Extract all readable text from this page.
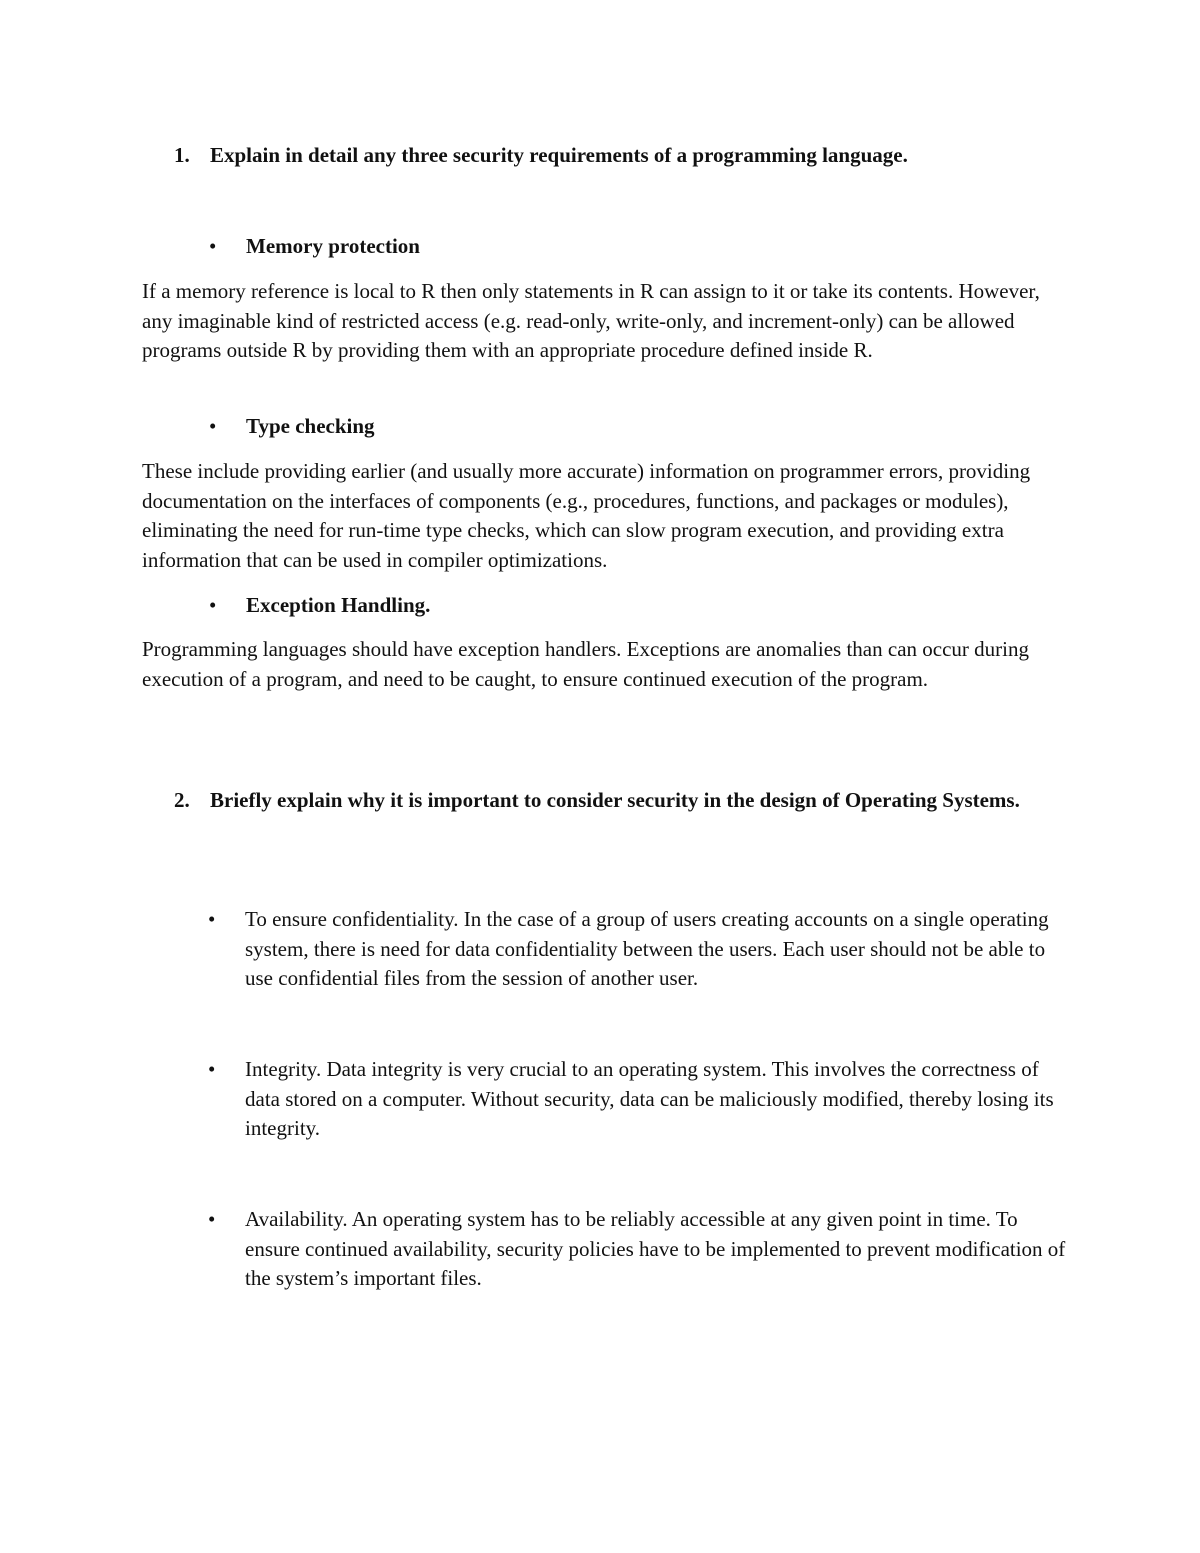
1. Explain in detail any three security requirements of a programming language.
• Memory protection
If a memory reference is local to R then only statements in R can assign to it or take its contents. However, any imaginable kind of restricted access (e.g. read-only, write-only, and increment-only) can be allowed programs outside R by providing them with an appropriate procedure defined inside R.
• Type checking
These include providing earlier (and usually more accurate) information on programmer errors, providing documentation on the interfaces of components (e.g., procedures, functions, and packages or modules), eliminating the need for run-time type checks, which can slow program execution, and providing extra information that can be used in compiler optimizations.
• Exception Handling.
Programming languages should have exception handlers. Exceptions are anomalies than can occur during execution of a program, and need to be caught, to ensure continued execution of the program.
2. Briefly explain why it is important to consider security in the design of Operating Systems.
• To ensure confidentiality. In the case of a group of users creating accounts on a single operating system, there is need for data confidentiality between the users. Each user should not be able to use confidential files from the session of another user.
• Integrity. Data integrity is very crucial to an operating system. This involves the correctness of data stored on a computer. Without security, data can be maliciously modified, thereby losing its integrity.
• Availability. An operating system has to be reliably accessible at any given point in time. To ensure continued availability, security policies have to be implemented to prevent modification of the system’s important files.
